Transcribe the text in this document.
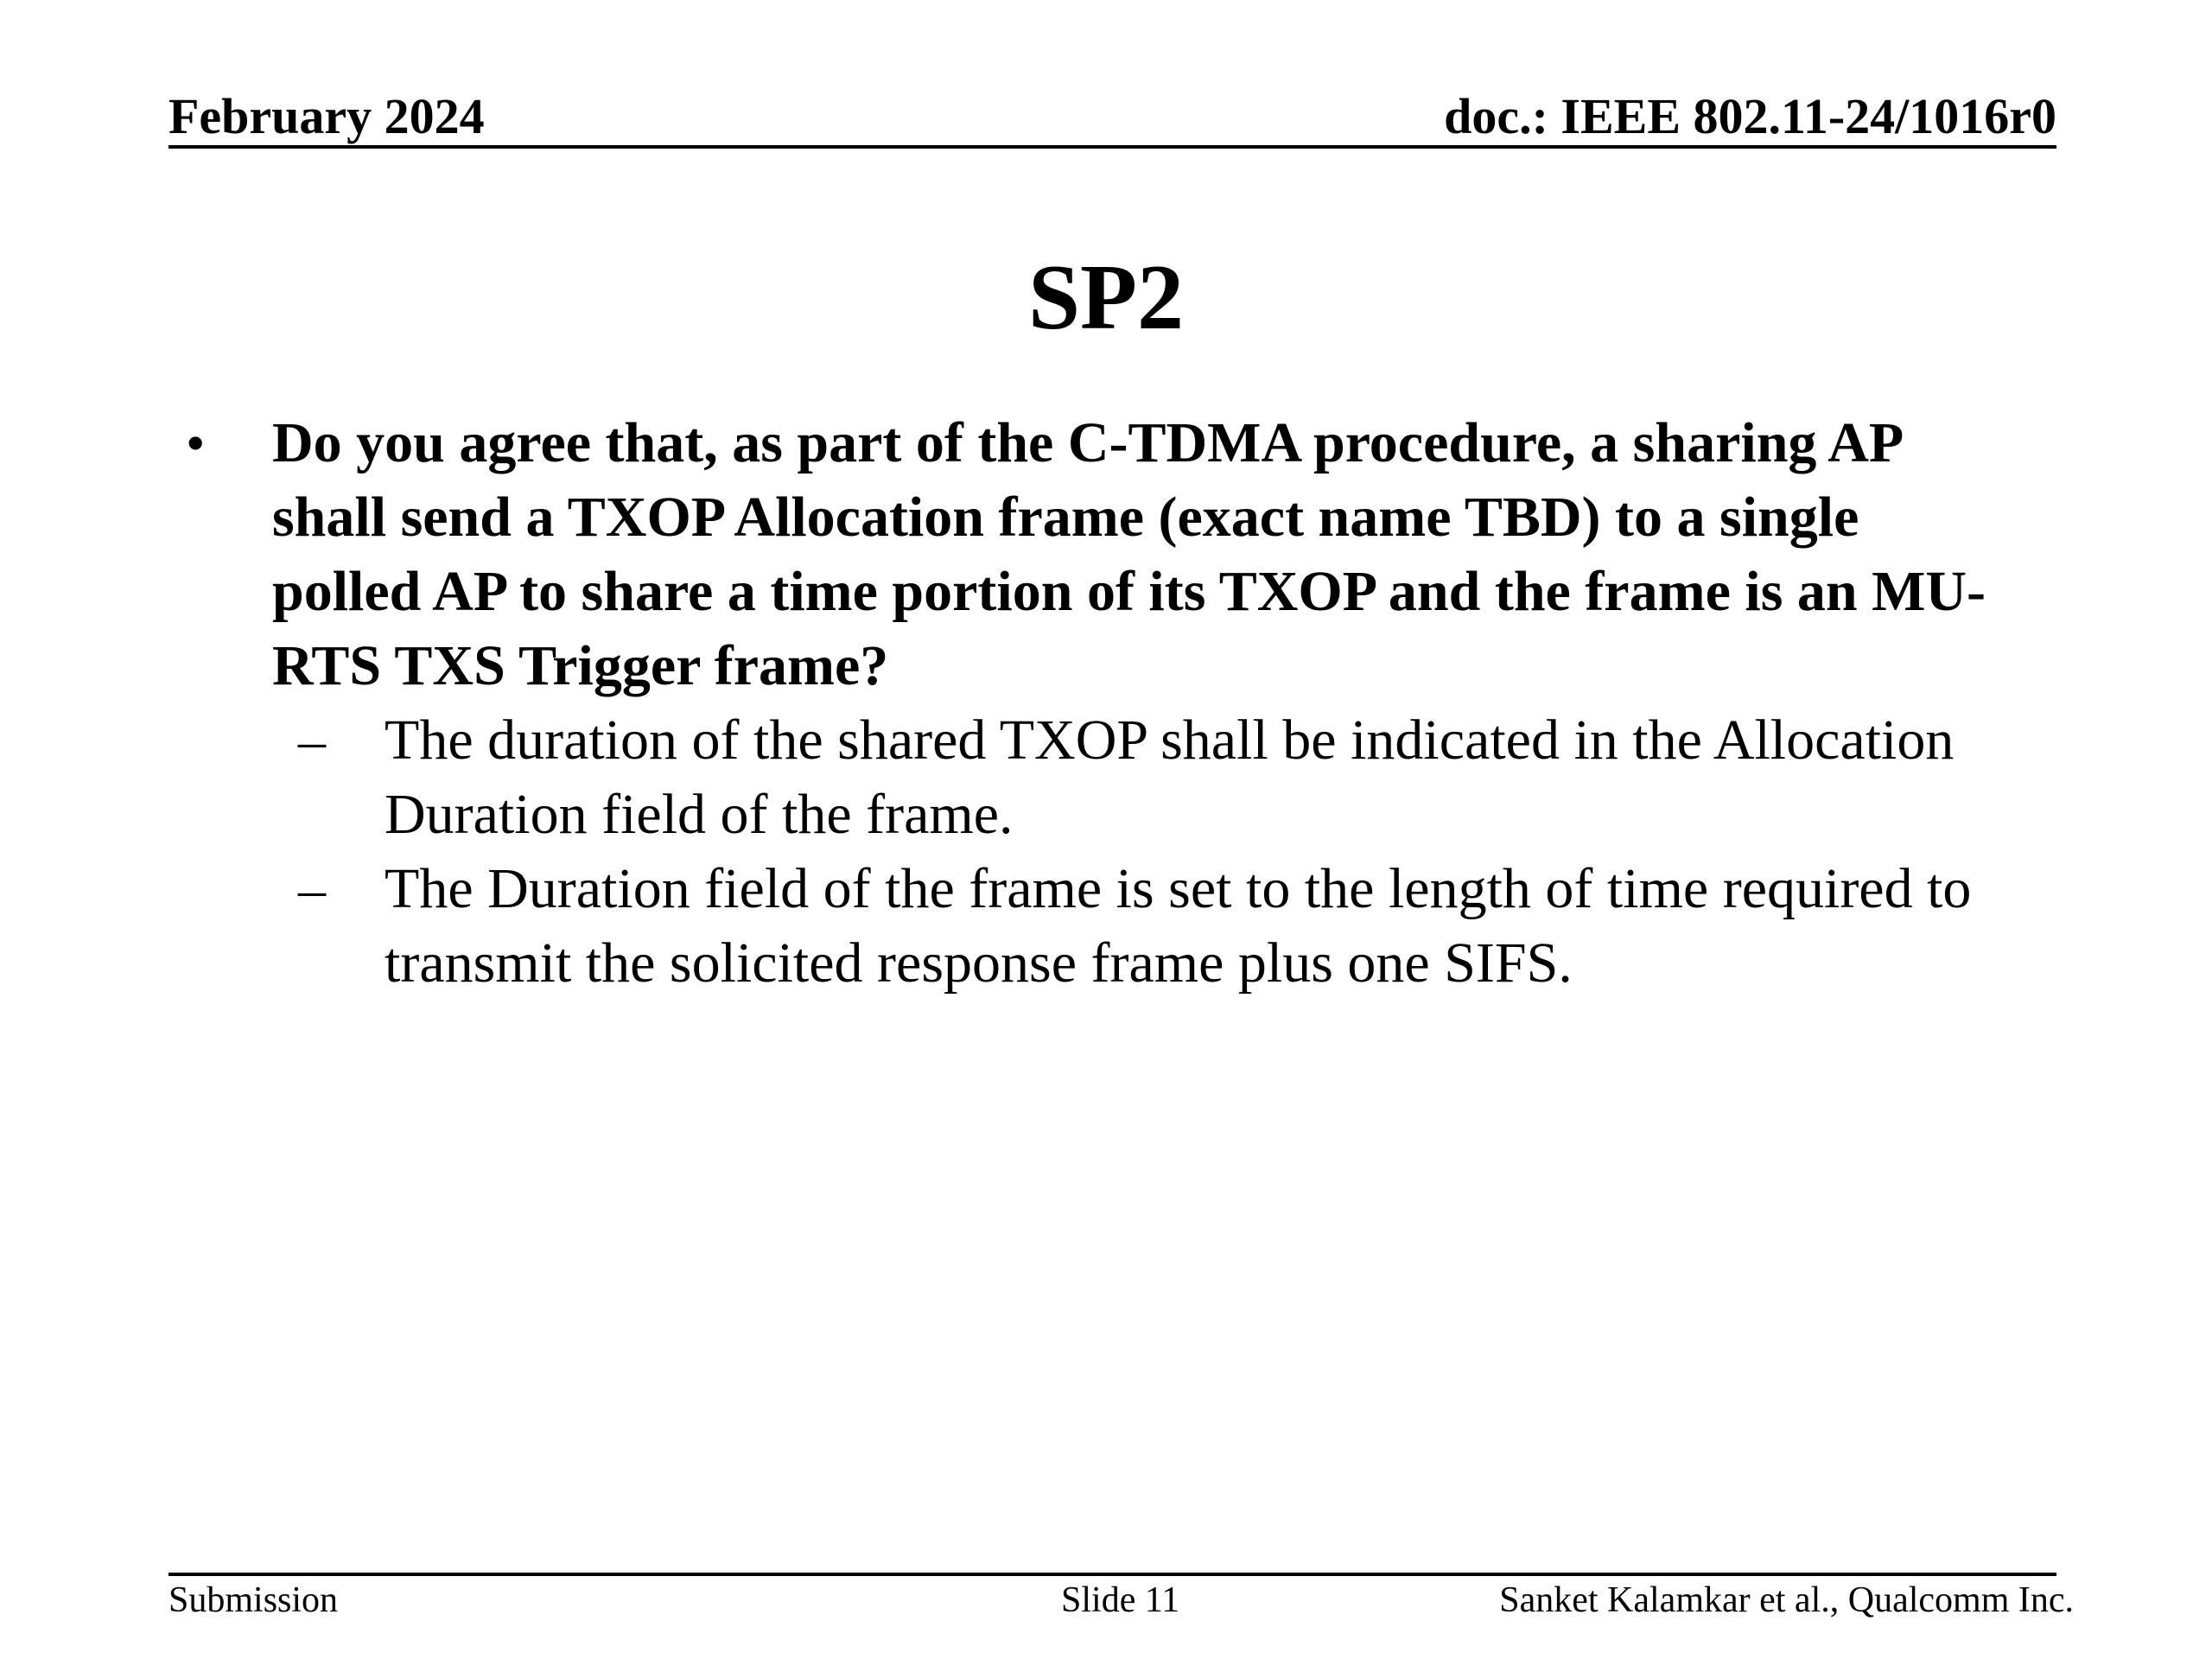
February 2024	doc.: IEEE 802.11-24/1016r0
SP2
• Do you agree that, as part of the C-TDMA procedure, a sharing AP shall send a TXOP Allocation frame (exact name TBD) to a single polled AP to share a time portion of its TXOP and the frame is an MU-RTS TXS Trigger frame?
– The duration of the shared TXOP shall be indicated in the Allocation Duration field of the frame.
– The Duration field of the frame is set to the length of time required to transmit the solicited response frame plus one SIFS.
Submission	Slide 11	Sanket Kalamkar et al., Qualcomm Inc.
